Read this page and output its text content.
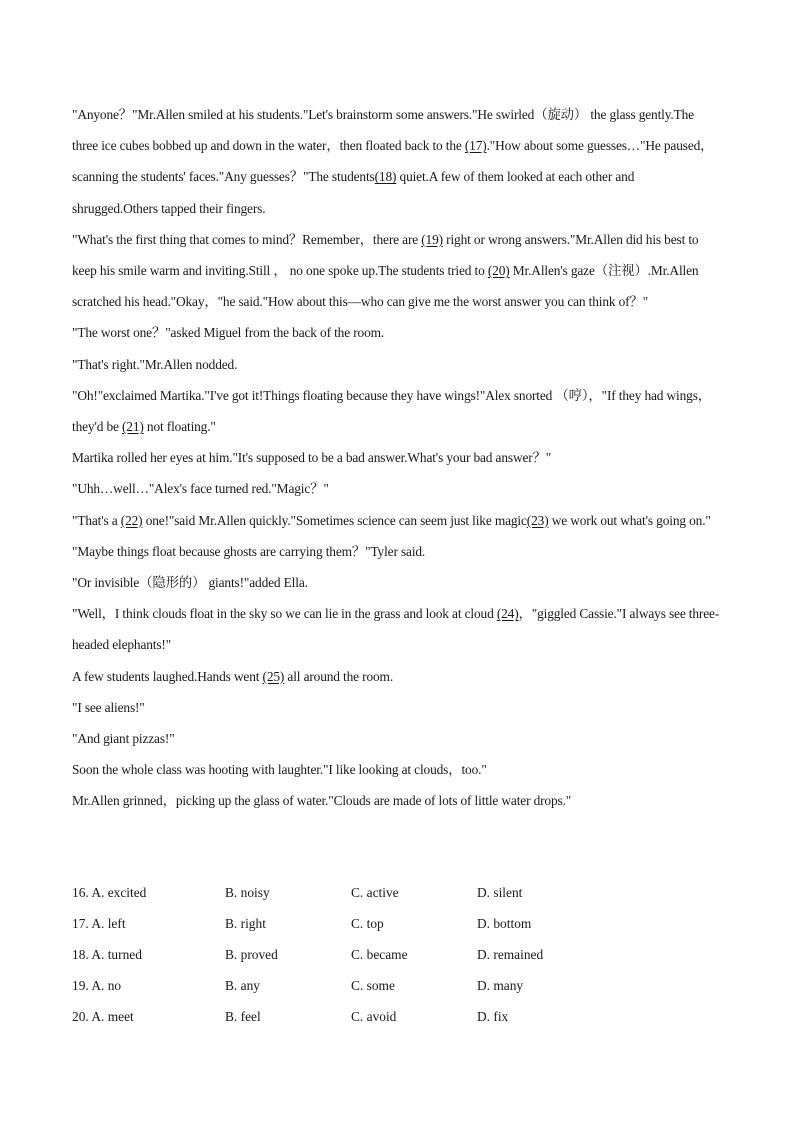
"Anyone？"Mr.Allen smiled at his students."Let's brainstorm some answers."He swirled（旋动） the glass gently.The three ice cubes bobbed up and down in the water，then floated back to the (17)."How about some guesses…"He paused，scanning the students' faces."Any guesses？"The students(18) quiet.A few of them looked at each other and shrugged.Others tapped their fingers.

"What's the first thing that comes to mind？Remember，there are (19) right or wrong answers."Mr.Allen did his best to keep his smile warm and inviting.Still ， no one spoke up.The students tried to (20) Mr.Allen's gaze（注视）.Mr.Allen scratched his head."Okay，"he said."How about this—who can give me the worst answer you can think of？"

"The worst one？"asked Miguel from the back of the room.

"That's right."Mr.Allen nodded.

"Oh!"exclaimed Martika."I've got it!Things floating because they have wings!"Alex snorted （哼），"If they had wings，they'd be (21) not floating."

Martika rolled her eyes at him."It's supposed to be a bad answer.What's your bad answer？"

"Uhh…well…"Alex's face turned red."Magic？"

"That's a (22) one!"said Mr.Allen quickly."Sometimes science can seem just like magic(23) we work out what's going on."

"Maybe things float because ghosts are carrying them？"Tyler said.

"Or invisible（隐形的） giants!"added Ella.

"Well，I think clouds float in the sky so we can lie in the grass and look at cloud (24)，"giggled Cassie."I always see three-headed elephants!"

A few students laughed.Hands went (25) all around the room.

"I see aliens!"

"And giant pizzas!"

Soon the whole class was hooting with laughter."I like looking at clouds，too."

Mr.Allen grinned，picking up the glass of water."Clouds are made of lots of little water drops."

16. A. excited	B. noisy	C. active	D. silent
17. A. left	B. right	C. top	D. bottom
18. A. turned	B. proved	C. became	D. remained
19. A. no	B. any	C. some	D. many
20. A. meet	B. feel	C. avoid	D. fix
